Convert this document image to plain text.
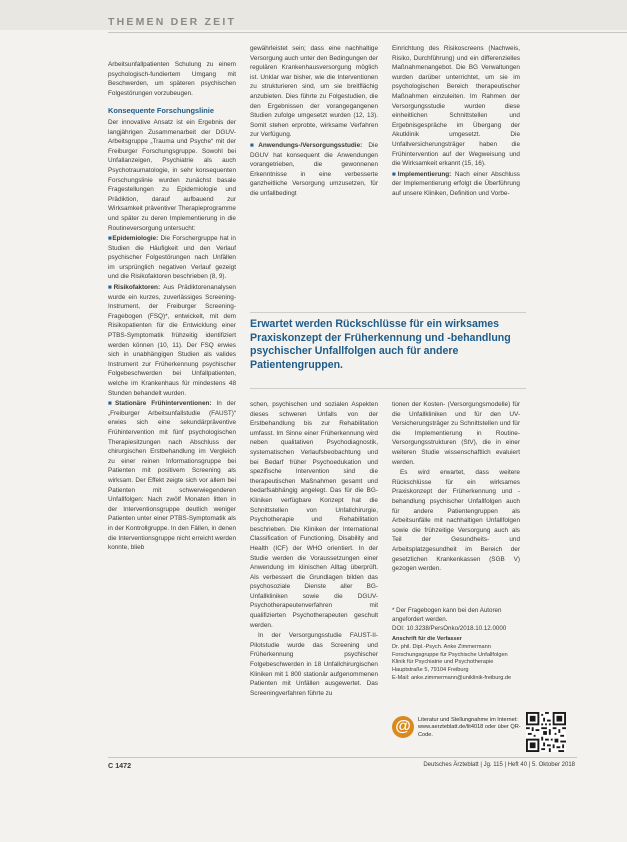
THEMEN DER ZEIT

Arbeitsunfallpatienten Schulung zu einem psychologisch-fundiertem Umgang mit Beschwerden, um späteren psychischen Folgestörungen vorzubeugen.

Konsequente Forschungslinie

Der innovative Ansatz ist ein Ergebnis der langjährigen Zusammenarbeit der DGUV-Arbeitsgruppe „Trauma und Psyche“ mit der Freiburger Forschungsgruppe. Sowohl bei Unfallanzeigen, Psychiatrie als auch Psychotraumatologie, in sehr konsequenten Forschungslinie wurden zunächst basale Fragestellungen zu Epidemiologie und Prädiktion, darauf aufbauend zur Wirksamkeit präventiver Therapieprogramme und später zu deren Implementierung in die Routineversorgung untersucht:

■ Epidemiologie: Die Forschergruppe hat in Studien die Häufigkeit und den Verlauf psychischer Folgestörungen nach Unfällen im ursprünglich negativen Verlauf gezeigt und die Risikofaktoren beschrieben (8, 9).

■ Risikofaktoren: Aus Prädiktorenanalysen wurde ein kurzes, zuverlässiges Screening-Instrument, der Freiburger Screening-Fragebogen (FSQ)*, entwickelt, mit dem Risikopatienten für die Entwicklung einer PTBS-Symptomatik frühzeitig identifiziert werden können (10, 11). Der FSQ erwies sich in unabhängigen Studien als valides Instrument zur Früherkennung psychischer Folgebeschwerden bei Unfallpatienten, welche im Krankenhaus für mindestens 48 Stunden behandelt wurden.

■ Stationäre Frühinterventionen: In der „Freiburger Arbeitsunfallstudie (FAUST)“ erwies sich eine sekundärpräventive Frühintervention mit fünf psychologischen Therapiesitzungen nach Abschluss der chirurgischen Erstbehandlung im Vergleich zu einer reinen Informationsgruppe bei Patienten mit positivem Screening als wirksam. Der Effekt zeigte sich vor allem bei Patienten mit schwerwiegenderen Unfallfolgen: Nach zwölf Monaten litten in der Interventionsgruppe deutlich weniger Patienten unter einer PTBS-Symptomatik als in der Kontrollgruppe. In den Fällen, in denen die Interventionsgruppe nicht erreicht werden konnte, blieb

gewährleistet sein; dass eine nachhaltige Versorgung auch unter den Bedingungen der regulären Krankenhausversorgung möglich ist. Unklar war bisher, wie die Interventionen zu strukturieren sind, um sie breitflächig anzubieten. Dies führte zu Folgestudien, die den Ergebnissen der vorangegangenen Studien zufolge umgesetzt wurden (12, 13). Somit stehen erprobte, wirksame Verfahren zur Verfügung.

■ Anwendungs-/Versorgungsstudie: Die DGUV hat konsequent die Anwendungen vorangetrieben, die gewonnenen Erkenntnisse in eine verbesserte ganzheitliche Versorgung umzusetzen, für die unfallbedingt

Einrichtung des Risikoscreens (Nachweis, Risiko, Durchführung) und ein differenzielles Maßnahmenangebot. Die BG Verwaltungen wurden darüber unterrichtet, um sie im psychologischen Bereich therapeutischer Maßnahmen einzuleiten. Im Rahmen der Versorgungsstudie wurden diese einheitlichen Schnittstellen und Ergebnisgespräche im Übergang der Akutklinik umgesetzt. Die Unfallversicherungsträger haben die Frühintervention auf der Wegweisung und die Wirksamkeit erkannt (15, 16).

■ Implementierung: Nach einer Abschluss der Implementierung erfolgt die Überführung auf unsere Kliniken, Definition und Vorbe-

Erwartet werden Rückschlüsse für ein wirksames Praxiskonzept der Früherkennung und -behandlung psychischer Unfallfolgen auch für andere Patientengruppen.

schen, psychischen und sozialen Aspekten dieses schweren Unfalls von der Erstbehandlung bis zur Rehabilitation umfasst. Im Sinne einer Früherkennung wird neben qualitativen Psychodiagnostik, systematischen Verlaufsbeobachtung und bei Bedarf früher Psychoedukation und spezifische Intervention sind die therapeutischen Maßnahmen gesamt und bedarfsabhängig angelegt. Das für die BG-Kliniken verfügbare Konzept hat die Schnittstellen von Unfallchirurgie, Psychotherapie und Rehabilitation beschrieben. Die Kliniken der International Classification of Functioning, Disability and Health (ICF) der WHO orientiert. In der Studie werden die Voraussetzungen einer Anwendung im klinischen Alltag überprüft. Als verbessert die Grundlagen bilden das psychosoziale Dienste aller BG-Unfallkliniken sowie die DGUV-Psychotherapeutenverfahren mit qualifizierten Psychotherapeuten geschult werden.

In der Versorgungsstudie FAUST-II-Pilotstudie wurde das Screening und Früherkennung psychischer Folgebeschwerden in 18 Unfallchirurgischen Kliniken mit 1 800 stationär aufgenommenen Patienten mit Unfällen ausgewertet. Das Screeningverfahren führte zu

tionen der Kosten- (Versorgungsmodelle) für die Unfallkliniken und für den UV-Versicherungsträger zu Schnittstellen und für die Implementierung in Routine-Versorgungsstrukturen (StV), die in einer weiteren Studie wissenschaftlich evaluiert werden.

Es wird erwartet, dass weitere Rückschlüsse für ein wirksames Praxiskonzept der Früherkennung und -behandlung psychischer Unfallfolgen auch für andere Patientengruppen als Arbeitsunfälle mit nachhaltigen Unfallfolgen sowie die frühzeitige Versorgung auch als Teil der Gesundheits- und Arbeitsplatzgesundheit im Bereich der gesetzlichen Krankenkassen (SGB V) gezogen werden.

* Der Fragebogen kann bei den Autoren angefordert werden.
DOI: 10.3238/PersOnko/2018.10.12.0000
Anschrift für die Verfasser
Dr. phil. Dipl.-Psych. Anke Zimmermann
Forschungsgruppe für Psychische Unfallfolgen
Klinik für Psychiatrie und Psychotherapie
Hauptstraße 5, 79104 Freiburg
E-Mail: anke.zimmermann@uniklinik-freiburg.de
@	Literatur und Stellungnahme im Internet: www.aerzteblatt.de/lit4018 oder über QR-Code.
C 1472	Deutsches Ärzteblatt | Jg. 115 | Heft 40 | 5. Oktober 2018
